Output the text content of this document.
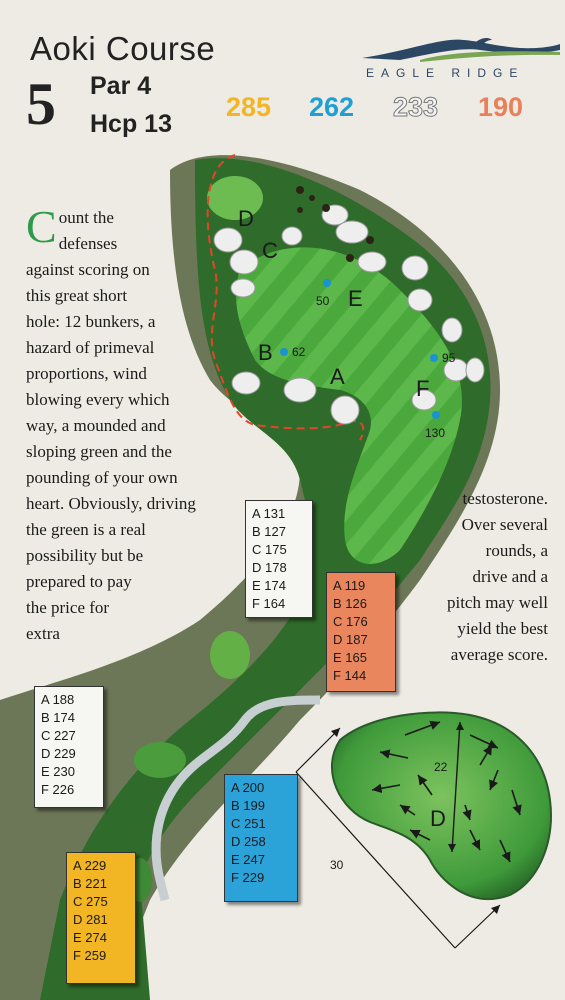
Aoki Course
5 Par 4
Hcp 13
285 262 233 190
EAGLE RIDGE
D
C
E
B
A	F
50
62	95
130
D
22
30
C ount the
defenses
against scoring on
this great short
hole: 12 bunkers, a
hazard of primeval
proportions, wind
blowing every which
way, a mounded and
sloping green and the
pounding of your own
heart. Obviously, driving
the green is a real
possibility but be
prepared to pay
the price for
extra
testosterone.
Over several
rounds, a
drive and a
pitch may well
yield the best
average score.
A 131
B 127
C 175
D 178
E 174
F 164
A 119
B 126
C 176
D 187
E 165
F 144
A 188
B 174
C 227
D 229
E 230
F 226	A 200
B 199
C 251
D 258
E 247
F 229
A 229
B 221
C 275
D 281
E 274
F 259
